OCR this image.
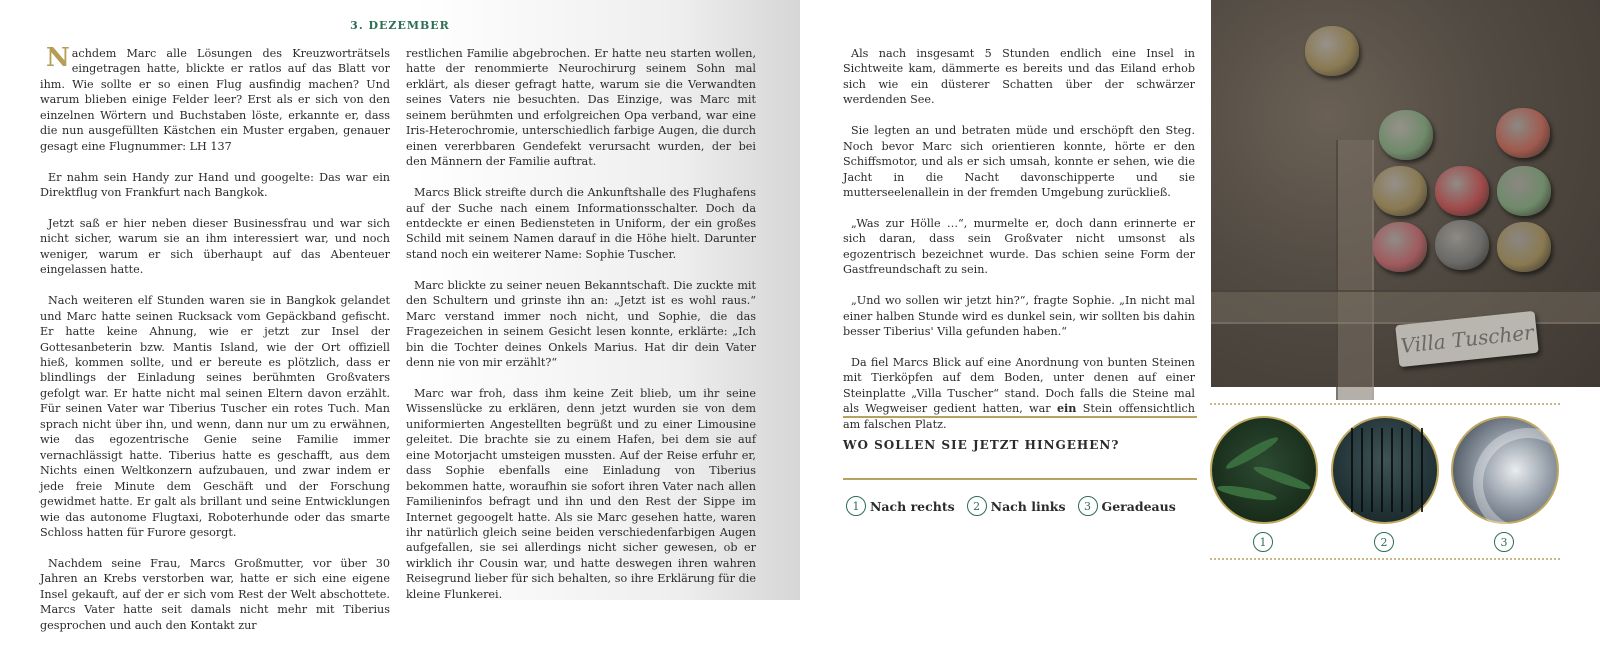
3. DEZEMBER

Nachdem Marc alle Lösungen des Kreuzworträtsels eingetragen hatte, blickte er ratlos auf das Blatt vor ihm. Wie sollte er so einen Flug ausfindig machen? Und warum blieben einige Felder leer? Erst als er sich von den einzelnen Wörtern und Buchstaben löste, erkannte er, dass die nun ausgefüllten Kästchen ein Muster ergaben, genauer gesagt eine Flugnummer: LH 137

Er nahm sein Handy zur Hand und googelte: Das war ein Direktflug von Frankfurt nach Bangkok.

Jetzt saß er hier neben dieser Businessfrau und war sich nicht sicher, warum sie an ihm interessiert war, und noch weniger, warum er sich überhaupt auf das Abenteuer eingelassen hatte.

Nach weiteren elf Stunden waren sie in Bangkok gelandet und Marc hatte seinen Rucksack vom Gepäckband gefischt. Er hatte keine Ahnung, wie er jetzt zur Insel der Gottesanbeterin bzw. Mantis Island, wie der Ort offiziell hieß, kommen sollte, und er bereute es plötzlich, dass er blindlings der Einladung seines berühmten Großvaters gefolgt war. Er hatte nicht mal seinen Eltern davon erzählt. Für seinen Vater war Tiberius Tuscher ein rotes Tuch. Man sprach nicht über ihn, und wenn, dann nur um zu erwähnen, wie das egozentrische Genie seine Familie immer vernachlässigt hatte. Tiberius hatte es geschafft, aus dem Nichts einen Weltkonzern aufzubauen, und zwar indem er jede freie Minute dem Geschäft und der Forschung gewidmet hatte. Er galt als brillant und seine Entwicklungen wie das autonome Flugtaxi, Roboterhunde oder das smarte Schloss hatten für Furore gesorgt.

Nachdem seine Frau, Marcs Großmutter, vor über 30 Jahren an Krebs verstorben war, hatte er sich eine eigene Insel gekauft, auf der er sich vom Rest der Welt abschottete. Marcs Vater hatte seit damals nicht mehr mit Tiberius gesprochen und auch den Kontakt zur

restlichen Familie abgebrochen. Er hatte neu starten wollen, hatte der renommierte Neurochirurg seinem Sohn mal erklärt, als dieser gefragt hatte, warum sie die Verwandten seines Vaters nie besuchten. Das Einzige, was Marc mit seinem berühmten und erfolgreichen Opa verband, war eine Iris-Heterochromie, unterschiedlich farbige Augen, die durch einen vererbbaren Gendefekt verursacht wurden, der bei den Männern der Familie auftrat.

Marcs Blick streifte durch die Ankunftshalle des Flughafens auf der Suche nach einem Informationsschalter. Doch da entdeckte er einen Bediensteten in Uniform, der ein großes Schild mit seinem Namen darauf in die Höhe hielt. Darunter stand noch ein weiterer Name: Sophie Tuscher.

Marc blickte zu seiner neuen Bekanntschaft. Die zuckte mit den Schultern und grinste ihn an: „Jetzt ist es wohl raus.“ Marc verstand immer noch nicht, und Sophie, die das Fragezeichen in seinem Gesicht lesen konnte, erklärte: „Ich bin die Tochter deines Onkels Marius. Hat dir dein Vater denn nie von mir erzählt?“

Marc war froh, dass ihm keine Zeit blieb, um ihr seine Wissenslücke zu erklären, denn jetzt wurden sie von dem uniformierten Angestellten begrüßt und zu einer Limousine geleitet. Die brachte sie zu einem Hafen, bei dem sie auf eine Motorjacht umsteigen mussten. Auf der Reise erfuhr er, dass Sophie ebenfalls eine Einladung von Tiberius bekommen hatte, woraufhin sie sofort ihren Vater nach allen Familieninfos befragt und ihn und den Rest der Sippe im Internet gegoogelt hatte. Als sie Marc gesehen hatte, waren ihr natürlich gleich seine beiden verschiedenfarbigen Augen aufgefallen, sie sei allerdings nicht sicher gewesen, ob er wirklich ihr Cousin war, und hatte deswegen ihren wahren Reisegrund lieber für sich behalten, so ihre Erklärung für die kleine Flunkerei.

Als nach insgesamt 5 Stunden endlich eine Insel in Sichtweite kam, dämmerte es bereits und das Eiland erhob sich wie ein düsterer Schatten über der schwärzer werdenden See.

Sie legten an und betraten müde und erschöpft den Steg. Noch bevor Marc sich orientieren konnte, hörte er den Schiffsmotor, und als er sich umsah, konnte er sehen, wie die Jacht in die Nacht davonschipperte und sie mutterseelenallein in der fremden Umgebung zurückließ.

„Was zur Hölle …“, murmelte er, doch dann erinnerte er sich daran, dass sein Großvater nicht umsonst als egozentrisch bezeichnet wurde. Das schien seine Form der Gastfreundschaft zu sein.

„Und wo sollen wir jetzt hin?“, fragte Sophie. „In nicht mal einer halben Stunde wird es dunkel sein, wir sollten bis dahin besser Tiberius' Villa gefunden haben.“

Da fiel Marcs Blick auf eine Anordnung von bunten Steinen mit Tierköpfen auf dem Boden, unter denen auf einer Steinplatte „Villa Tuscher“ stand. Doch falls die Steine mal als Wegweiser gedient hatten, war ein Stein offensichtlich am falschen Platz.

Villa Tuscher
WO SOLLEN SIE JETZT HINGEHEN?
1 Nach rechts	2 Nach links	3 Geradeaus
1	2	3
